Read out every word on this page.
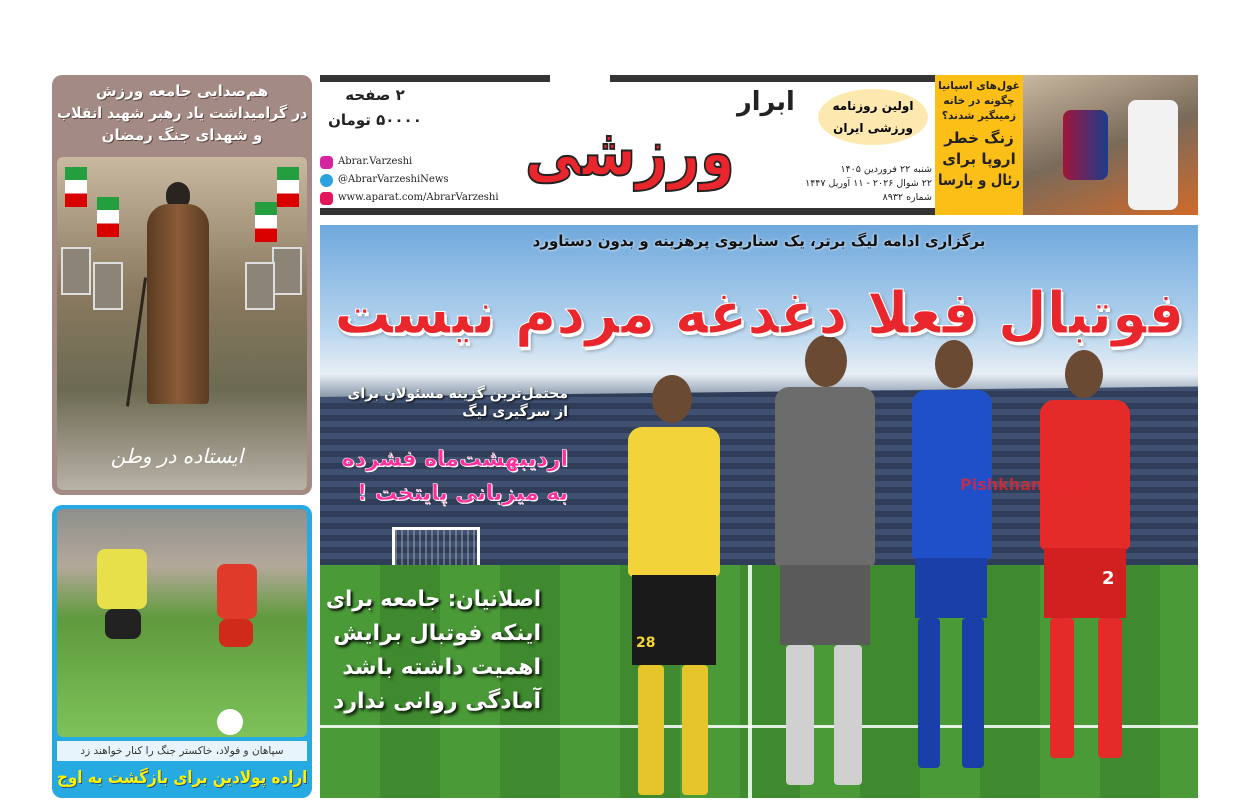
هم‌صدایی جامعه ورزش
در گرامیداشت یاد رهبر شهید انقلاب
و شهدای جنگ رمضان
ایستاده در وطن
سپاهان و فولاد، خاکستر جنگ را کنار خواهند زد
اراده پولادین برای بازگشت به اوج
ابرار
ورزشی
۲ صفحه
۵۰۰۰۰ تومان
Abrar.Varzeshi
@AbrarVarzeshiNews
www.aparat.com/AbrarVarzeshi
اولین روزنامه
ورزشی ایران
شنبه ۲۲ فروردین ۱۴۰۵
۲۲ شوال ۲۰۲۶ - ۱۱ آوریل ۱۴۴۷
شماره ۸۹۳۲
غول‌های اسپانیا
چگونه در خانه
زمینگیر شدند؟
زنگ خطر
اروپا برای
رئال و بارسا
28
2
برگزاری ادامه لیگ برتر، یک سناریوی پرهزینه و بدون دستاورد
فوتبال فعلا دغدغه مردم نیست
محتمل‌ترین گزینه مسئولان برای
از سرگیری لیگ
اردیبهشت‌ماه فشرده
به میزبانی پایتخت !
اصلانیان: جامعه برای
اینکه فوتبال برایش
اهمیت داشته باشد
آمادگی روانی ندارد
Pishkhan.com
